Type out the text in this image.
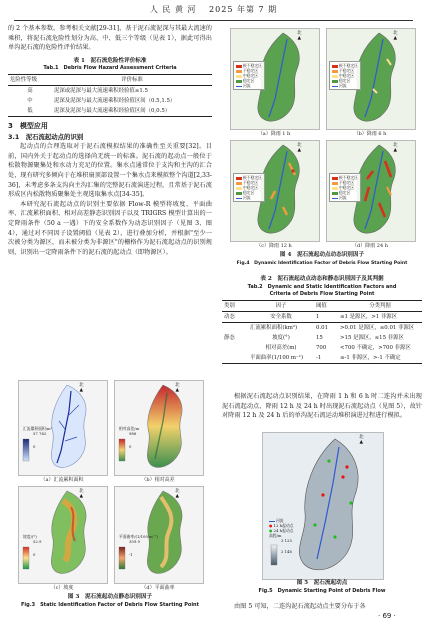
人 民 黄 河　 2025 年第 7 期

的 2 个基本参数。参考相关文献[29-31]，基于泥石流泥深与其最大流速的乘积，将泥石流危险性划分为高、中、低三个等级（见表 1），据此可得出单沟泥石流的危险性评价结果。

表 1　泥石流危险性评价标准
Tab.1　Debris Flow Hazard Assessment Criteria
危险性等级	评价标准
高	泥深或泥深与最大流速乘积经验值≥1.5
中	泥深及泥深与最大流速乘积经验值区间（0.5,1.5）
低	泥深及泥深与最大流速乘积经验值区间（0,0.5）
3　模型应用
3.1　泥石流起动点的识别

起动点的合理选取对于泥石流模拟结果的准确性至关重要[32]。目前，国内外关于起动点的选择尚无统一的标准。泥石流的起动点一般位于松散物源聚集处和水动力充足的位置。集水点通常位于支沟和主沟的汇合处，现有研究多倾向于在堆积扇顶部设置一个集水点来模拟整个沟道[2,33-36]，未考虑多条支沟向主沟汇集的完整泥石流演进过程，且常基于泥石流形成区内松散物质聚集处主观选取集水点[34-35]。

本研究泥石流起动点的识别主要依据 Flow-R 模型将坡度、平面曲率、汇流累积面积、相对高差静态识别因子以及 TRIGRS 模型计算出的一定降雨条件（50 a 一遇）下的安全系数作为动态识别因子（见图 3、图 4），通过对不同因子设置阈值（见表 2），进行叠加分析，并根据"至少一次被分类为源区，而未被分类为非源区"的栅格作为泥石流起动点的识别规则，识别出一定降雨条件下的泥石流的起动点（即物源区）。

北
▲
汇流累积面积/m²
57 762
0
（a）汇流累积面积
北
▲
相对高差/m
986
0
（b）相对高差
北
▲
坡度/(°)
52.9
0
（c）坡度
北
▲
平面曲率/(1/100 m⁻¹)
359.9
-1
（d）平面曲率
图 3　泥石流起动点静态识别因子
Fig.3　Static Identification Factor of Debris Flow Starting Point
北
▲
极不稳定区
不稳定区
中稳定区
稳定区
河流
（a）降雨 1 h
北
▲
极不稳定区
不稳定区
中稳定区
稳定区
河流
（b）降雨 6 h
北
▲
极不稳定区
不稳定区
中稳定区
稳定区
河流
（c）降雨 12 h
北
▲
极不稳定区
不稳定区
中稳定区
稳定区
河流
（d）降雨 24 h
图 4　泥石流起动点动态识别因子
Fig.4　Dynamic Identification Factor of Debris Flow Starting Point
表 2　泥石流起动点动态和静态识别因子及其判据
Tab.2　Dynamic and Static Identification Factors and
Criteria of Debris Flow Starting Point
类别	因子	阈值	分类判据
动态	安全系数	1	≤1 是源区，>1 非源区
	汇流累积面积(km²)	0.01	>0.01 是源区，≤0.01 非源区
静态	坡度(°)	15	>15 是源区，≤15 非源区
	相对高差(m)	700	<700 不确定，>700 非源区
	平面曲率(1/100 m⁻¹)	-1	≤-1 非源区，>-1 不确定

根据泥石流起动点识别结果，在降雨 1 h 和 6 h 时二连沟并未出现泥石流起动点，降雨 12 h 及 24 h 时出现泥石流起动点（见图 5），故针对降雨 12 h 及 24 h 后的单沟泥石流运动堆积演进过程进行模拟。

北
▲
河流
● 12 h起动点
● 24 h起动点
高程/m
3 125
2 146
图 5　泥石流起动点
Fig.5　Dynamic Starting Point of Debris Flow

由图 5 可知，二连沟泥石流起动点主要分布于各

· 69 ·
